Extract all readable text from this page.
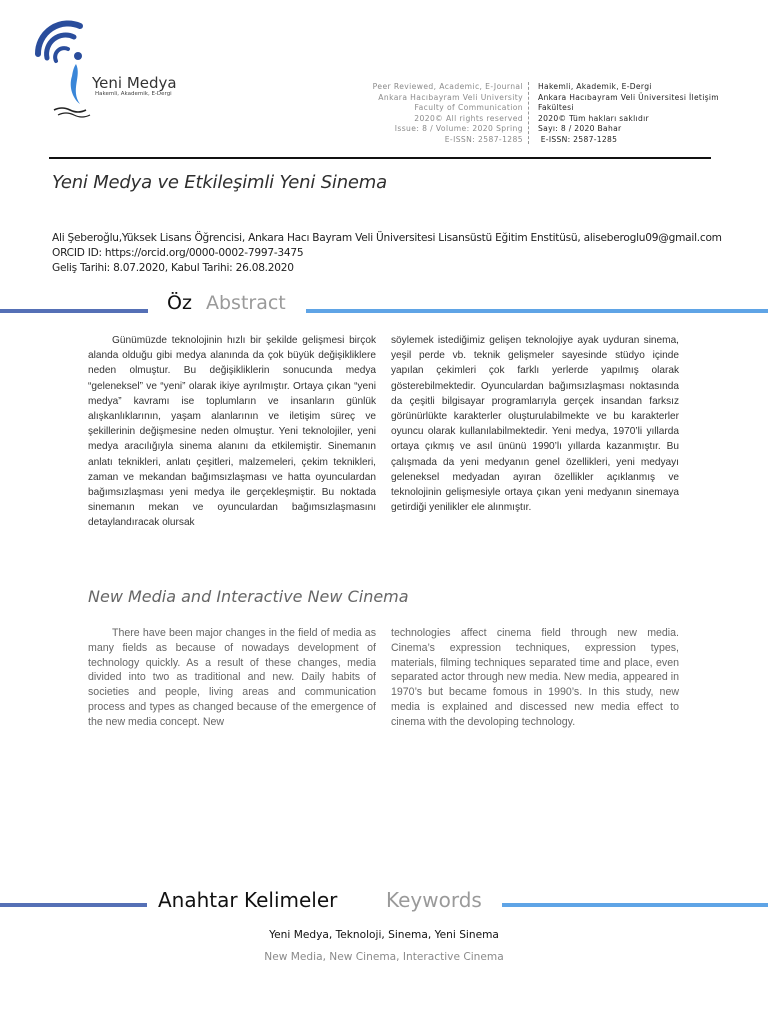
Yeni Medya
Hakemli, Akademik, E-Dergi
Peer Reviewed, Academic, E-Journal
Ankara Hacıbayram Veli University
Faculty of Communication
2020© All rights reserved
Issue: 8 / Volume: 2020 Spring
E-ISSN: 2587-1285
Hakemli, Akademik, E-Dergi
Ankara Hacıbayram Veli Üniversitesi İletişim
Fakültesi
2020© Tüm hakları saklıdır
Sayı: 8 / 2020 Bahar
E-ISSN: 2587-1285
Yeni Medya ve Etkileşimli Yeni Sinema
Ali Şeberoğlu,Yüksek Lisans Öğrencisi, Ankara Hacı Bayram Veli Üniversitesi Lisansüstü Eğitim Enstitüsü, aliseberoglu09@gmail.com
ORCID ID: https://orcid.org/0000-0002-7997-3475
Geliş Tarihi: 8.07.2020, Kabul Tarihi: 26.08.2020
Öz Abstract
Günümüzde teknolojinin hızlı bir şekilde gelişmesi birçok alanda olduğu gibi medya alanında da çok büyük değişikliklere neden olmuştur. Bu değişikliklerin sonucunda medya “geleneksel” ve “yeni” olarak ikiye ayrılmıştır. Ortaya çıkan “yeni medya” kavramı ise toplumların ve insanların günlük alışkanlıklarının, yaşam alanlarının ve iletişim süreç ve şekillerinin değişmesine neden olmuştur. Yeni teknolojiler, yeni medya aracılığıyla sinema alanını da etkilemiştir. Sinemanın anlatı teknikleri, anlatı çeşitleri, malzemeleri, çekim teknikleri, zaman ve mekandan bağımsızlaşması ve hatta oyunculardan bağımsızlaşması yeni medya ile gerçekleşmiştir. Bu noktada sinemanın mekan ve oyunculardan bağımsızlaşmasını detaylandıracak olursak
söylemek istediğimiz gelişen teknolojiye ayak uyduran sinema, yeşil perde vb. teknik gelişmeler sayesinde stüdyo içinde yapılan çekimleri çok farklı yerlerde yapılmış olarak gösterebilmektedir. Oyunculardan bağımsızlaşması noktasında da çeşitli bilgisayar programlarıyla gerçek insandan farksız görünürlükte karakterler oluşturulabilmekte ve bu karakterler oyuncu olarak kullanılabilmektedir. Yeni medya, 1970’li yıllarda ortaya çıkmış ve asıl ününü 1990’lı yıllarda kazanmıştır. Bu çalışmada da yeni medyanın genel özellikleri, yeni medyayı geleneksel medyadan ayıran özellikler açıklanmış ve teknolojinin gelişmesiyle ortaya çıkan yeni medyanın sinemaya getirdiği yenilikler ele alınmıştır.
New Media and Interactive New Cinema
There have been major changes in the field of media as many fields as because of nowadays development of technology quickly. As a result of these changes, media divided into two as traditional and new. Daily habits of societies and people, living areas and communication process and types as changed because of the emergence of the new media concept. New
technologies affect cinema field through new media. Cinema’s expression techniques, expression types, materials, filming techniques separated time and place, even separated actor through new media. New media, appeared in 1970’s but became fomous in 1990’s. In this study, new media is explained and discessed new media effect to cinema with the devoloping technology.
Anahtar Kelimeler Keywords
Yeni Medya, Teknoloji, Sinema, Yeni Sinema
New Media, New Cinema, Interactive Cinema
